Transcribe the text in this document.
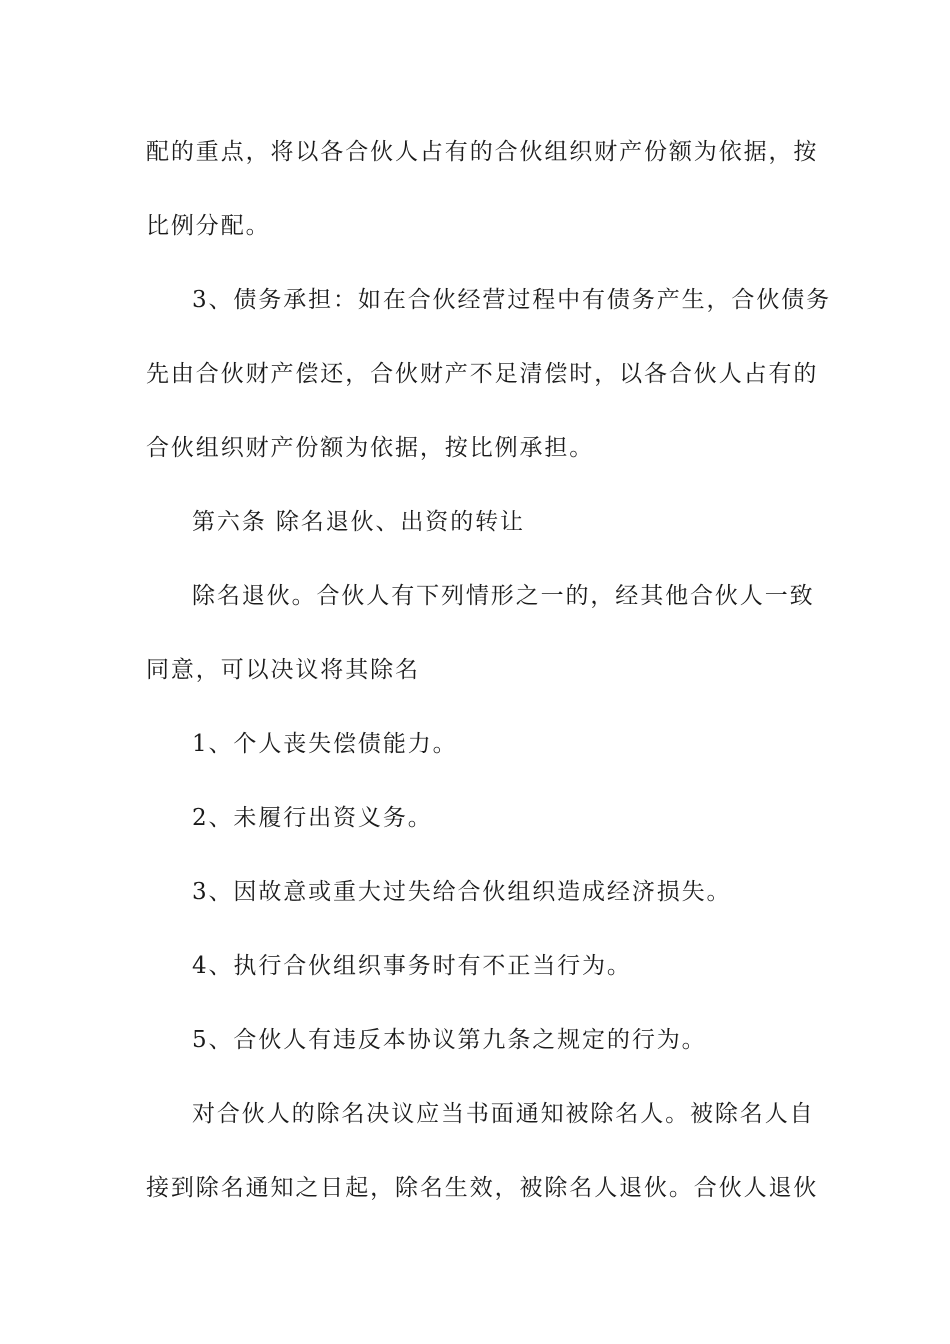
配的重点，将以各合伙人占有的合伙组织财产份额为依据，按
比例分配。
3、债务承担：如在合伙经营过程中有债务产生，合伙债务
先由合伙财产偿还，合伙财产不足清偿时，以各合伙人占有的
合伙组织财产份额为依据，按比例承担。
第六条 除名退伙、出资的转让
除名退伙。合伙人有下列情形之一的，经其他合伙人一致
同意，可以决议将其除名
1、个人丧失偿债能力。
2、未履行出资义务。
3、因故意或重大过失给合伙组织造成经济损失。
4、执行合伙组织事务时有不正当行为。
5、合伙人有违反本协议第九条之规定的行为。
对合伙人的除名决议应当书面通知被除名人。被除名人自
接到除名通知之日起，除名生效，被除名人退伙。合伙人退伙
